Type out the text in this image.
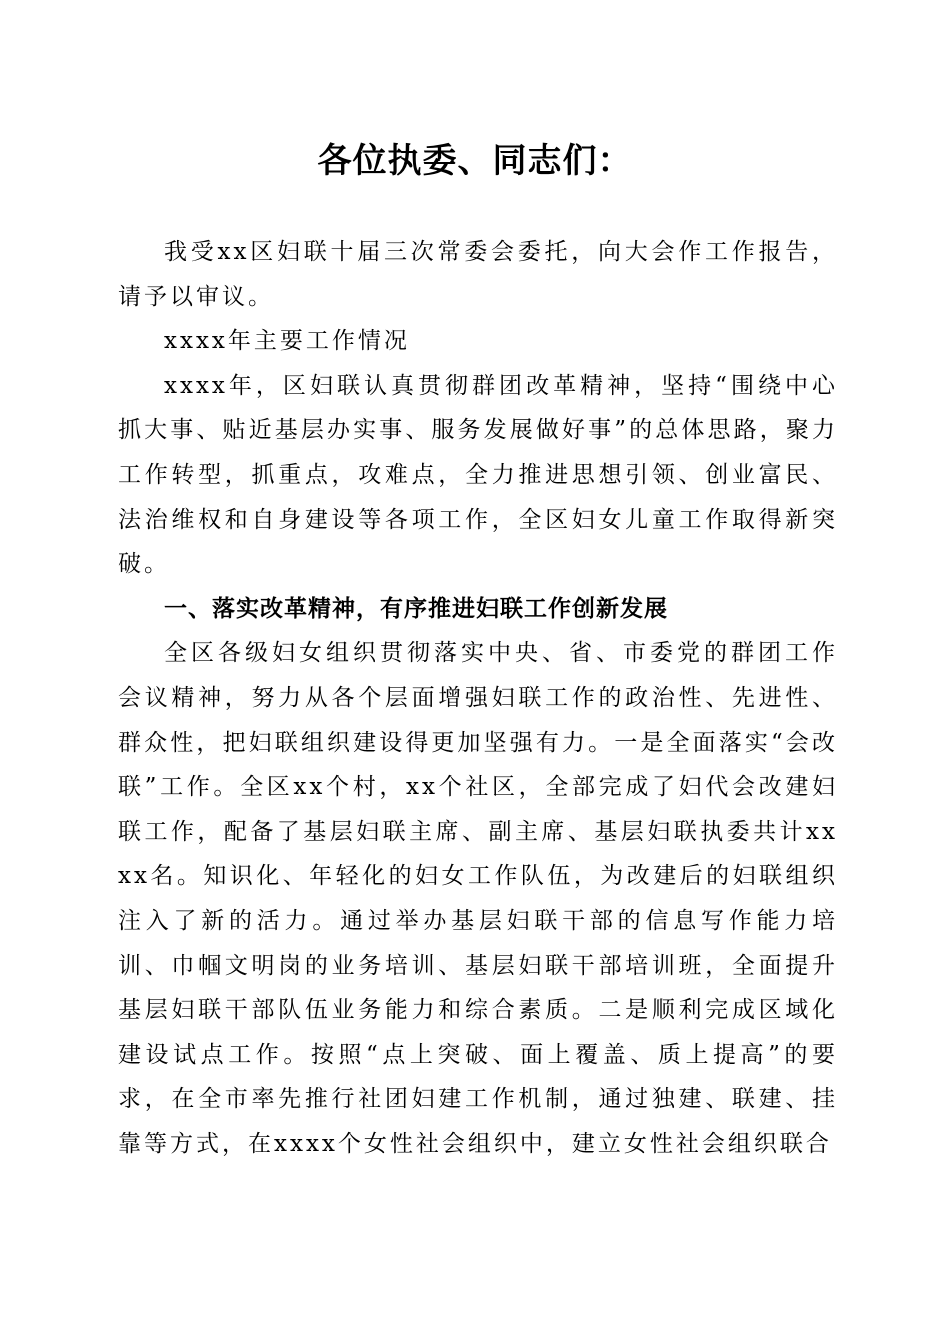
各位执委、同志们：

我受xx区妇联十届三次常委会委托，向大会作工作报告，请予以审议。

xxxx年主要工作情况

xxxx年，区妇联认真贯彻群团改革精神，坚持“围绕中心抓大事、贴近基层办实事、服务发展做好事”的总体思路，聚力工作转型，抓重点，攻难点，全力推进思想引领、创业富民、法治维权和自身建设等各项工作，全区妇女儿童工作取得新突破。

一、落实改革精神，有序推进妇联工作创新发展

全区各级妇女组织贯彻落实中央、省、市委党的群团工作会议精神，努力从各个层面增强妇联工作的政治性、先进性、群众性，把妇联组织建设得更加坚强有力。一是全面落实“会改联”工作。全区xx个村，xx个社区，全部完成了妇代会改建妇联工作，配备了基层妇联主席、副主席、基层妇联执委共计xxxx名。知识化、年轻化的妇女工作队伍，为改建后的妇联组织注入了新的活力。通过举办基层妇联干部的信息写作能力培训、巾帼文明岗的业务培训、基层妇联干部培训班，全面提升基层妇联干部队伍业务能力和综合素质。二是顺利完成区域化建设试点工作。按照“点上突破、面上覆盖、质上提高”的要求，在全市率先推行社团妇建工作机制，通过独建、联建、挂靠等方式，在xxxx个女性社会组织中，建立女性社会组织联合
